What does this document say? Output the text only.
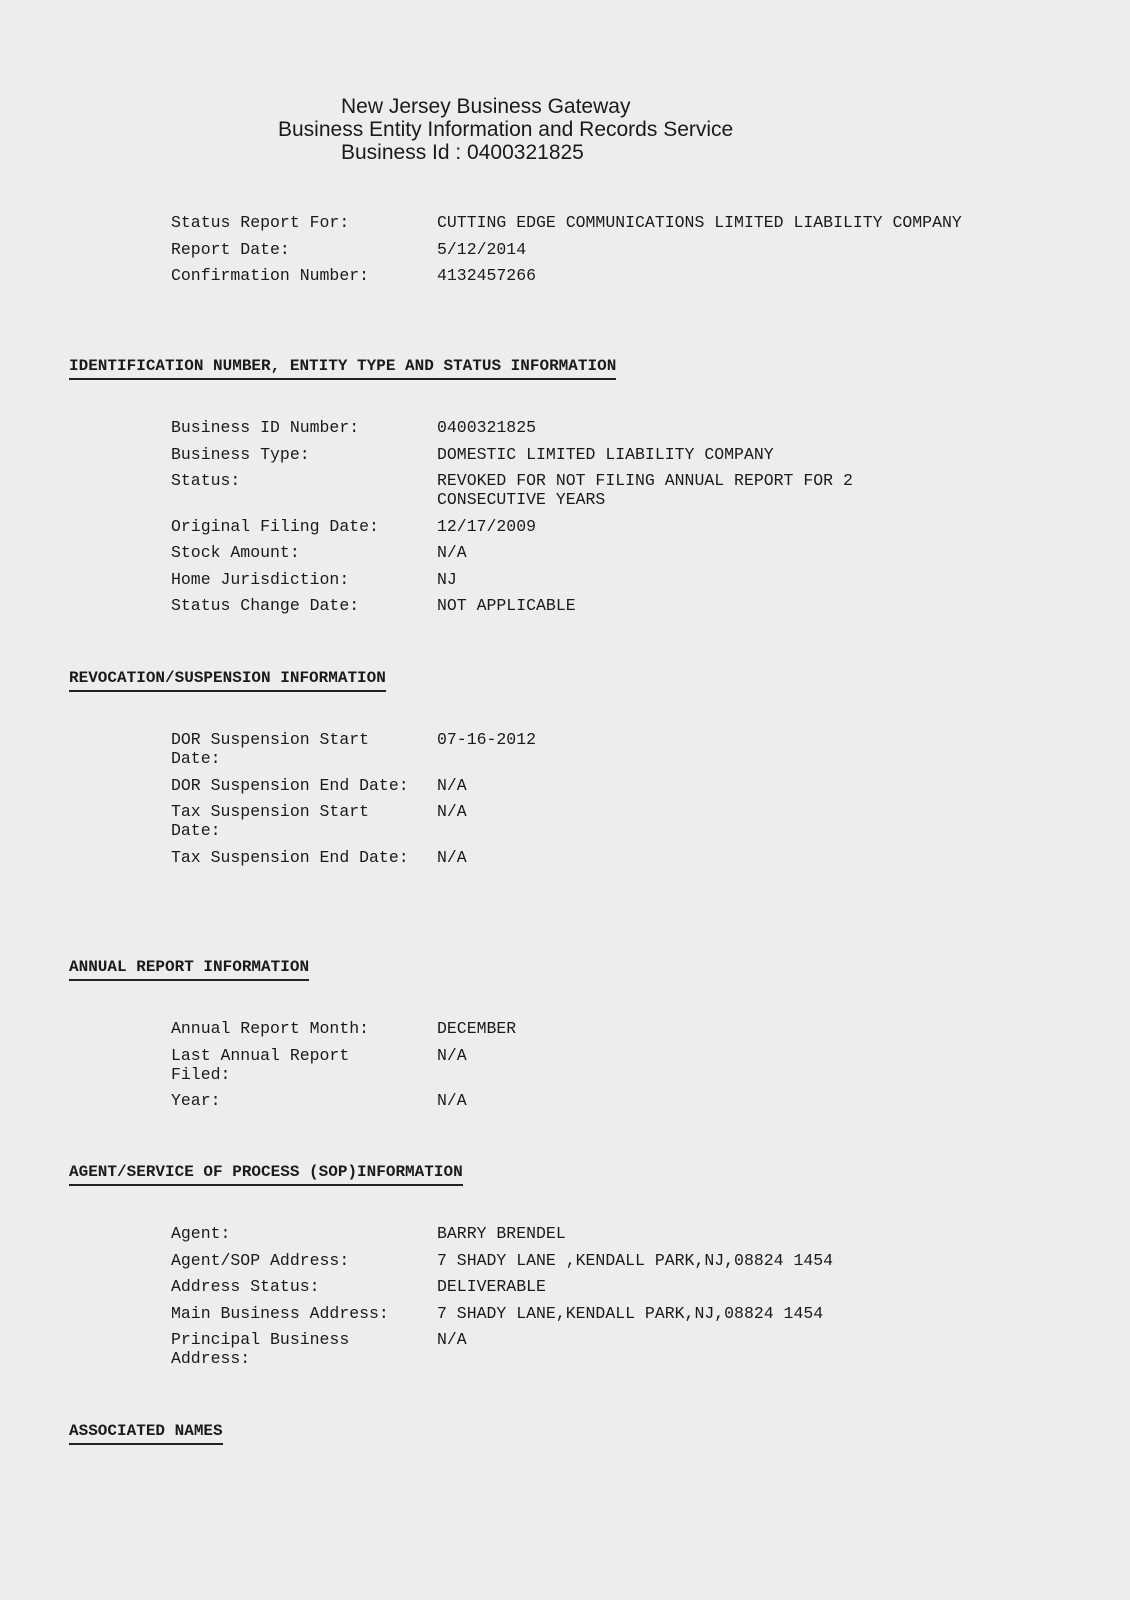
New Jersey Business Gateway
Business Entity Information and Records Service
Business Id : 0400321825
Status Report For:	CUTTING EDGE COMMUNICATIONS LIMITED LIABILITY COMPANY
Report Date:	5/12/2014
Confirmation Number:	4132457266
IDENTIFICATION NUMBER, ENTITY TYPE AND STATUS INFORMATION
Business ID Number:	0400321825
Business Type:	DOMESTIC LIMITED LIABILITY COMPANY
Status:	REVOKED FOR NOT FILING ANNUAL REPORT FOR 2 CONSECUTIVE YEARS
Original Filing Date:	12/17/2009
Stock Amount:	N/A
Home Jurisdiction:	NJ
Status Change Date:	NOT APPLICABLE
REVOCATION/SUSPENSION INFORMATION
DOR Suspension Start Date:
07-16-2012
DOR Suspension End Date: N/A
Tax Suspension Start Date:
N/A
Tax Suspension End Date: N/A
ANNUAL REPORT INFORMATION
Annual Report Month:	DECEMBER
Last Annual Report Filed:
N/A
Year:	N/A
AGENT/SERVICE OF PROCESS (SOP)INFORMATION
Agent:	BARRY BRENDEL
Agent/SOP Address:	7 SHADY LANE ,KENDALL PARK,NJ,08824 1454
Address Status:	DELIVERABLE
Main Business Address:	7 SHADY LANE,KENDALL PARK,NJ,08824 1454
Principal Business Address:
N/A
ASSOCIATED NAMES
